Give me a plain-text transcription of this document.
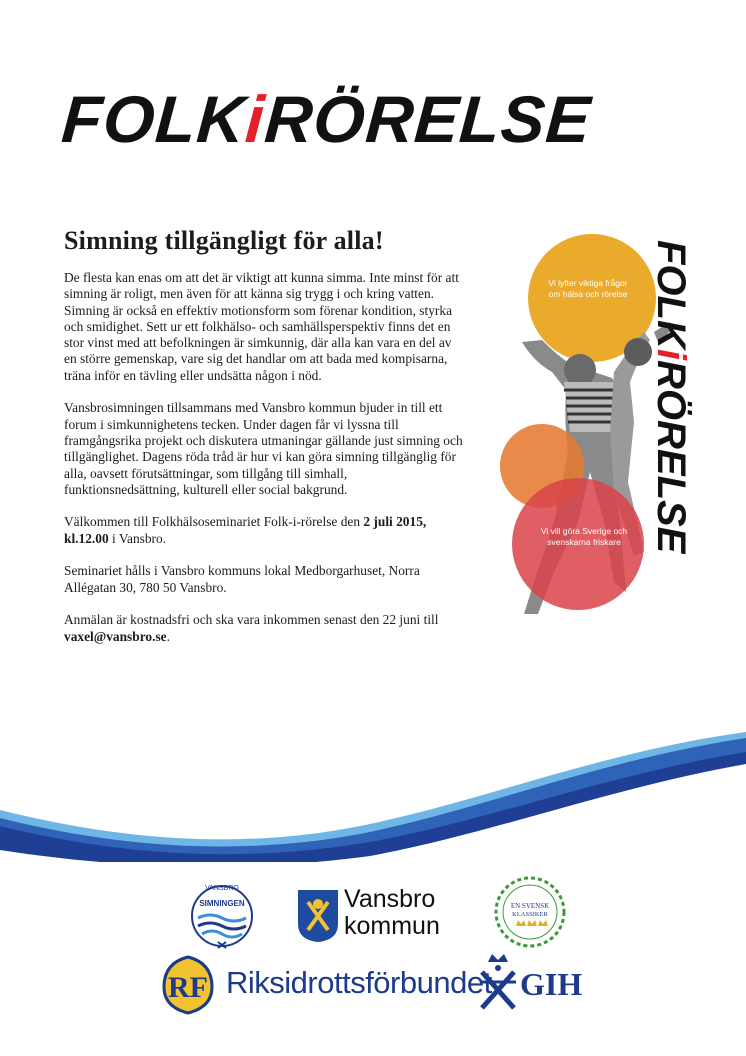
FOLKiRÖRELSE
Simning tillgängligt för alla!

De flesta kan enas om att det är viktigt att kunna simma. Inte minst för att simning är roligt, men även för att känna sig trygg i och kring vatten. Simning är också en effektiv motionsform som förenar kondition, styrka och smidighet. Sett ur ett folkhälso- och samhällsperspektiv finns det en stor vinst med att befolkningen är simkunnig, där alla kan vara en del av en större gemenskap, vare sig det handlar om att bada med kompisarna, träna inför en tävling eller undsätta någon i nöd.

Vansbrosimningen tillsammans med Vansbro kommun bjuder in till ett forum i simkunnighetens tecken. Under dagen får vi lyssna till framgångsrika projekt och diskutera utmaningar gällande just simning och tillgänglighet. Dagens röda tråd är hur vi kan göra simning tillgänglig för alla, oavsett förutsättningar, som tillgång till simhall, funktionsnedsättning, kulturell eller social bakgrund.

Välkommen till Folkhälsoseminariet Folk-i-rörelse den 2 juli 2015, kl.12.00 i Vansbro.

Seminariet hålls i Vansbro kommuns lokal Medborgarhuset, Norra Allégatan 30, 780 50 Vansbro.

Anmälan är kostnadsfri och ska vara inkommen senast den 22 juni till vaxel@vansbro.se.

Vi lyfter viktiga frågor om hälsa och rörelse
Vi vill göra Sverige och svenskarna friskare
FOLKiRÖRELSE
VANSBRO
SIMNINGEN	Vansbro
kommun
EN SVENSK
KLASSIKER
RF Riksidrottsförbundet GIH
